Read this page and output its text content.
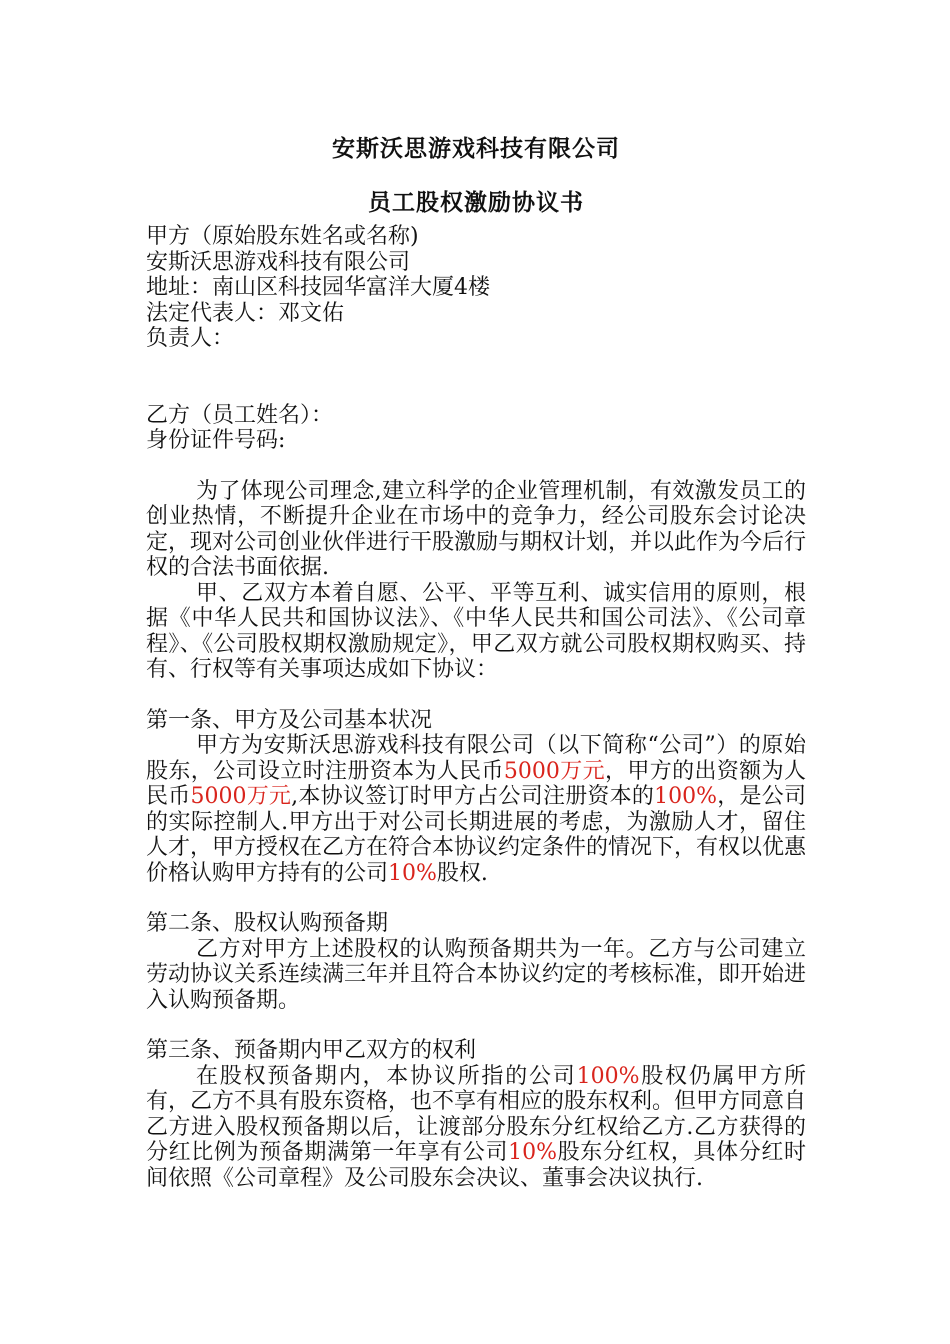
安斯沃思游戏科技有限公司
员工股权激励协议书

甲方（原始股东姓名或名称)

安斯沃思游戏科技有限公司

地址：南山区科技园华富洋大厦4楼

法定代表人：邓文佑

负责人：

乙方（员工姓名）：

身份证件号码:

为了体现公司理念,建立科学的企业管理机制，有效激发员工的创业热情，不断提升企业在市场中的竞争力，经公司股东会讨论决定，现对公司创业伙伴进行干股激励与期权计划，并以此作为今后行权的合法书面依据.

甲、乙双方本着自愿、公平、平等互利、诚实信用的原则，根据《中华人民共和国协议法》、《中华人民共和国公司法》、《公司章程》、《公司股权期权激励规定》，甲乙双方就公司股权期权购买、持有、行权等有关事项达成如下协议：

第一条、甲方及公司基本状况

甲方为安斯沃思游戏科技有限公司（以下简称“公司”）的原始股东，公司设立时注册资本为人民币5000万元，甲方的出资额为人民币5000万元,本协议签订时甲方占公司注册资本的100%，是公司的实际控制人.甲方出于对公司长期进展的考虑，为激励人才，留住人才，甲方授权在乙方在符合本协议约定条件的情况下，有权以优惠价格认购甲方持有的公司10%股权.

第二条、股权认购预备期

乙方对甲方上述股权的认购预备期共为一年。乙方与公司建立劳动协议关系连续满三年并且符合本协议约定的考核标准，即开始进入认购预备期。

第三条、预备期内甲乙双方的权利

在股权预备期内，本协议所指的公司100%股权仍属甲方所有，乙方不具有股东资格，也不享有相应的股东权利。但甲方同意自乙方进入股权预备期以后，让渡部分股东分红权给乙方.乙方获得的分红比例为预备期满第一年享有公司10%股东分红权，具体分红时间依照《公司章程》及公司股东会决议、董事会决议执行.
